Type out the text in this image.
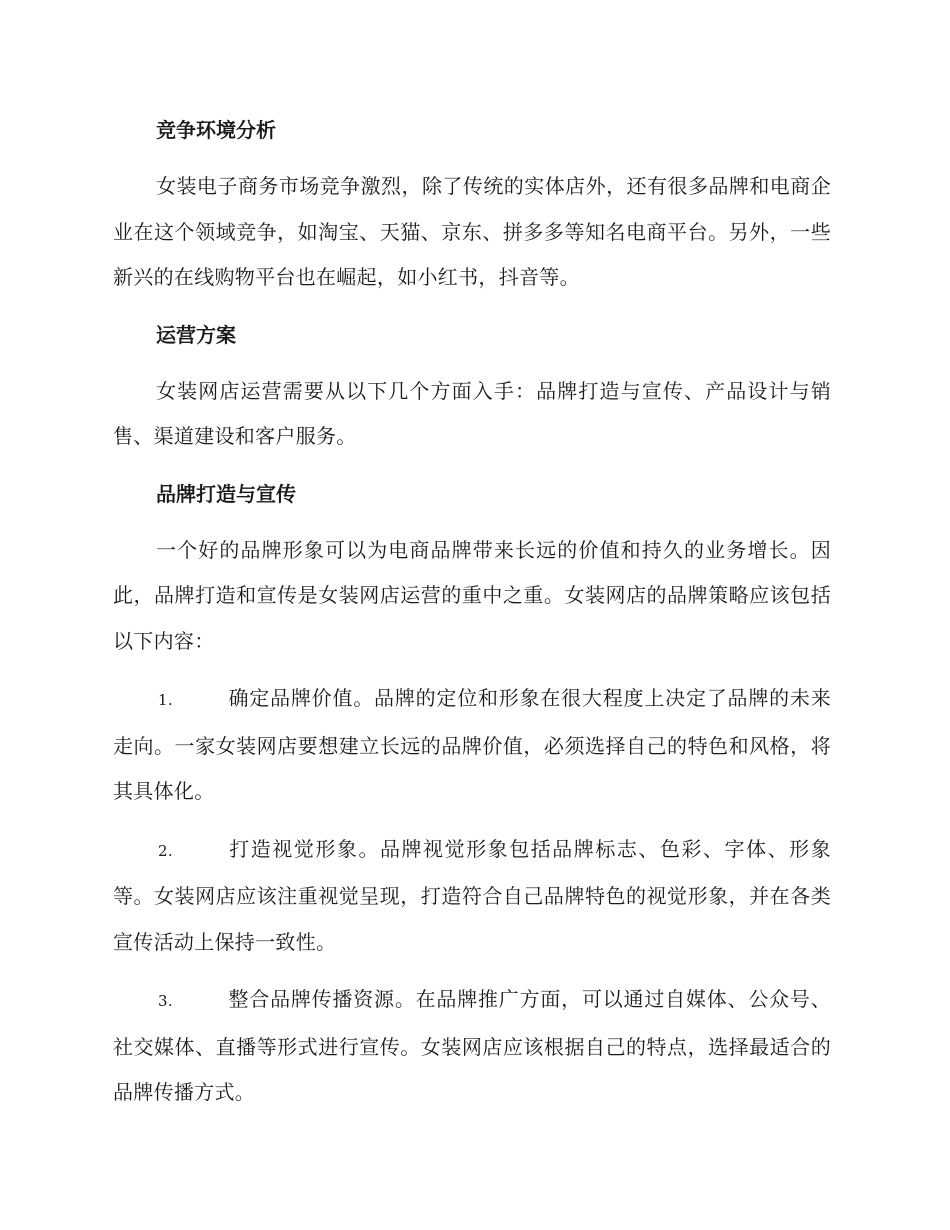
竞争环境分析

女装电子商务市场竞争激烈，除了传统的实体店外，还有很多品牌和电商企业在这个领域竞争，如淘宝、天猫、京东、拼多多等知名电商平台。另外，一些新兴的在线购物平台也在崛起，如小红书，抖音等。

运营方案

女装网店运营需要从以下几个方面入手：品牌打造与宣传、产品设计与销售、渠道建设和客户服务。

品牌打造与宣传

一个好的品牌形象可以为电商品牌带来长远的价值和持久的业务增长。因此，品牌打造和宣传是女装网店运营的重中之重。女装网店的品牌策略应该包括以下内容：

1.	确定品牌价值。品牌的定位和形象在很大程度上决定了品牌的未来走向。一家女装网店要想建立长远的品牌价值，必须选择自己的特色和风格，将其具体化。

2.	打造视觉形象。品牌视觉形象包括品牌标志、色彩、字体、形象等。女装网店应该注重视觉呈现，打造符合自己品牌特色的视觉形象，并在各类宣传活动上保持一致性。

3.	整合品牌传播资源。在品牌推广方面，可以通过自媒体、公众号、社交媒体、直播等形式进行宣传。女装网店应该根据自己的特点，选择最适合的品牌传播方式。
